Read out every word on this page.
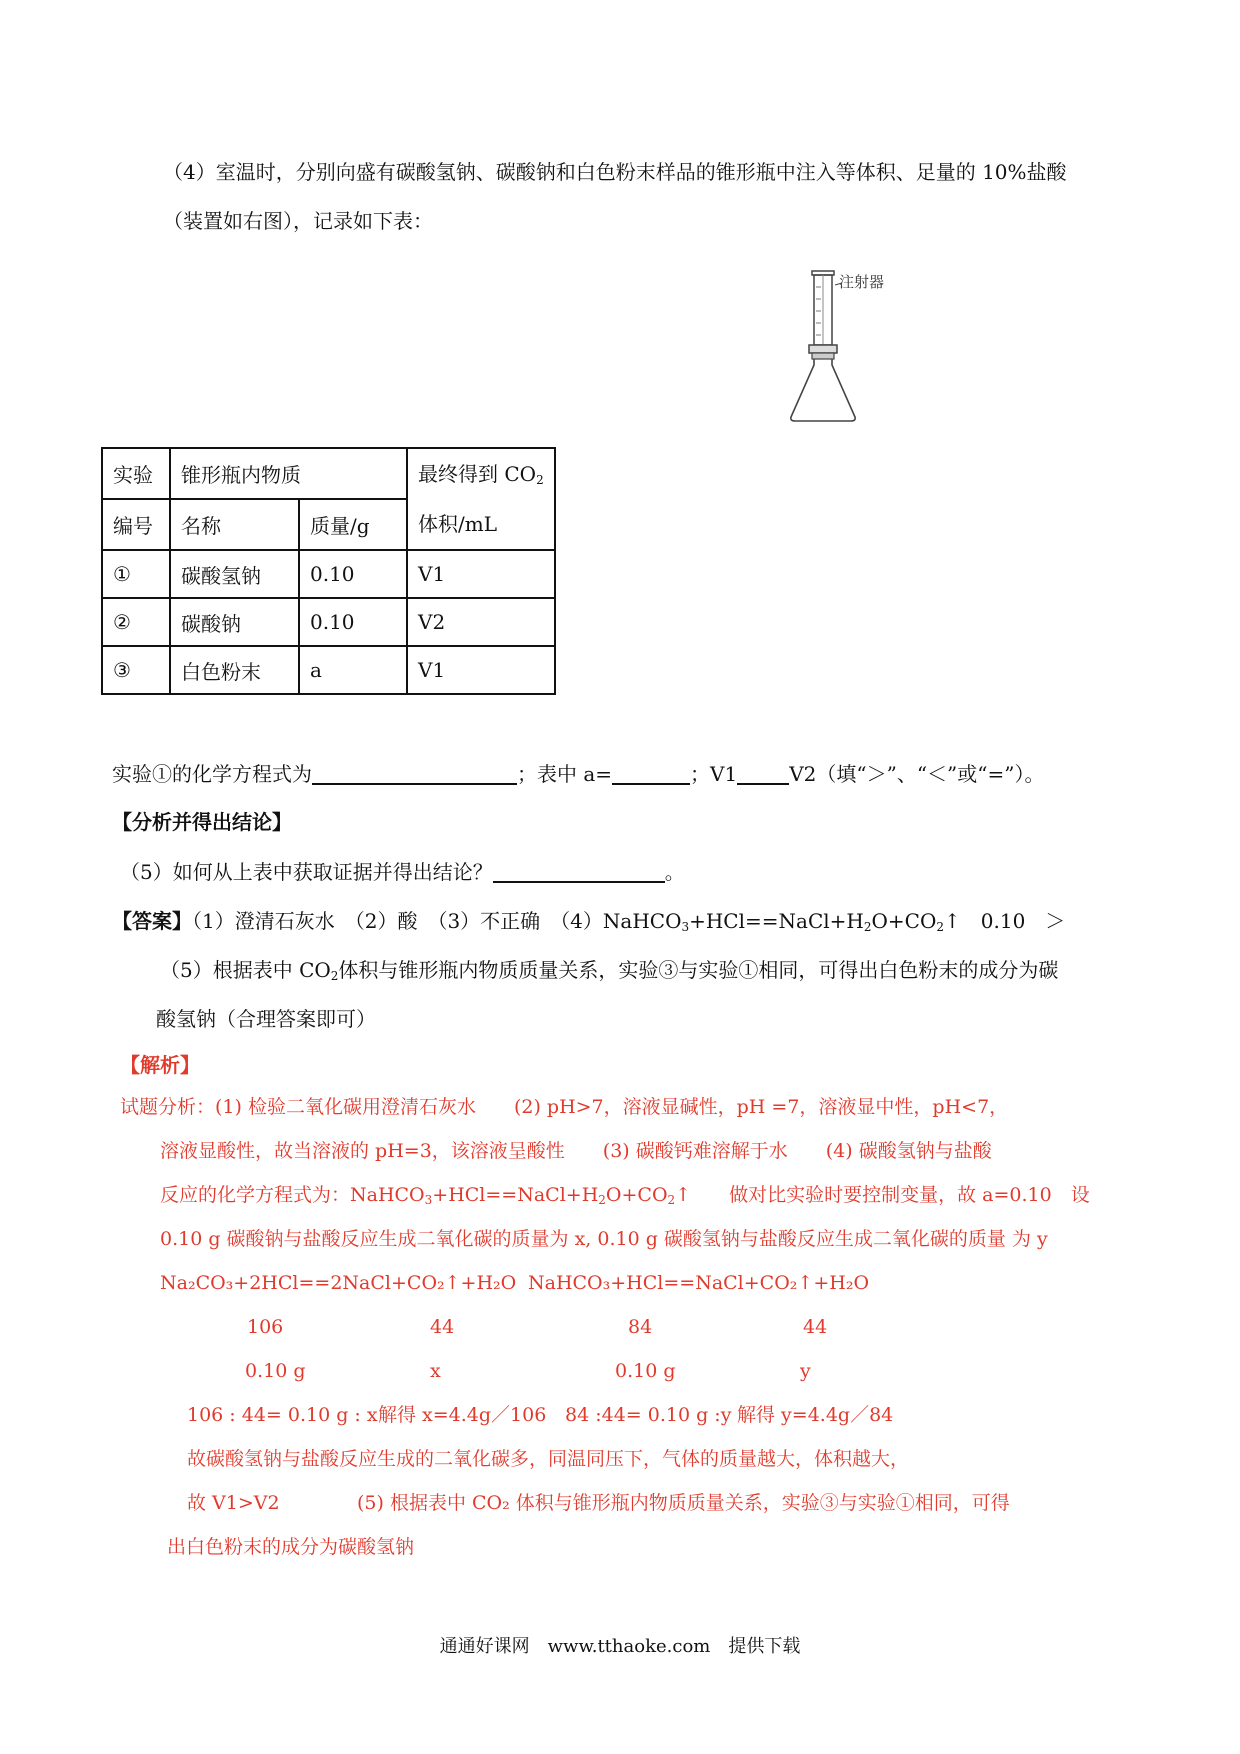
（4）室温时，分别向盛有碳酸氢钠、碳酸钠和白色粉末样品的锥形瓶中注入等体积、足量的 10%盐酸
（装置如右图），记录如下表：
注射器
实验	锥形瓶内物质		最终得到 $CO_2$
体积/mL
编号	名称	质量/g	
①	碳酸氢钠	0.10	V1
②	碳酸钠	0.10	V2
③	白色粉末	a	V1
实验①的化学方程式为	；表中 a=	；V1	V2（填“＞”、“＜”或“=”）。
【分析并得出结论】
（5）如何从上表中获取证据并得出结论？	。
【答案】（1）澄清石灰水　（2）酸　（3）不正确　$(4)NaHCO_3+HCl==NaCl+H_2O+CO_2↑$　0.10　＞
（5）根据表中 $CO_2$体积与锥形瓶内物质质量关系，实验③与实验①相同，可得出白色粉末的成分为碳
酸氢钠（合理答案即可）
【解析】
试题分析：(1) 检验二氧化碳用澄清石灰水　　(2) pH>7，溶液显碱性，pH =7，溶液显中性，pH<7，
溶液显酸性，故当溶液的 pH=3，该溶液呈酸性　　(3) 碳酸钙难溶解于水　　(4) 碳酸氢钠与盐酸
反应的化学方程式为：$NaHCO_3+HCl==NaCl+H_2O+CO_2↑$　　做对比实验时要控制变量，故 a=0.10　设
0.10 g 碳酸钠与盐酸反应生成二氧化碳的质量为 x, 0.10 g 碳酸氢钠与盐酸反应生成二氧化碳的质量 为 y
Na₂CO₃+2HCl==2NaCl+CO₂↑+H₂O NaHCO₃+HCl==NaCl+CO₂↑+H₂O
106	44	84	44
0.10 g	x	0.10 g	y
106 : 44= 0.10 g : x 解得 x=4.4g／106 84 :44= 0.10 g :y 解得 y=4.4g／84
故碳酸氢钠与盐酸反应生成的二氧化碳多，同温同压下，气体的质量越大，体积越大，
故 V1>V2	(5) 根据表中 CO₂ 体积与锥形瓶内物质质量关系，实验③与实验①相同，可得
出白色粉末的成分为碳酸氢钠
通通好课网　www.tthaoke.com　提供下载
